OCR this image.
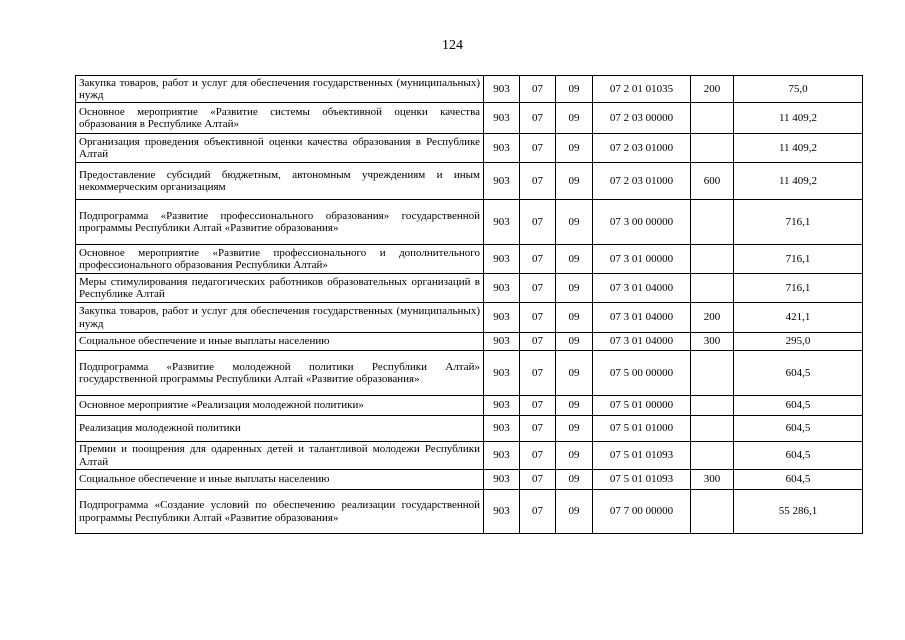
124
Закупка товаров, работ и услуг для обеспечения государственных (муниципальных) нужд	903	07	09	07 2 01 01035	200	75,0
Основное мероприятие «Развитие системы объективной оценки качества образования в Республике Алтай»	903	07	09	07 2 03 00000		11 409,2
Организация проведения объективной оценки качества образования в Республике Алтай	903	07	09	07 2 03 01000		11 409,2
Предоставление субсидий бюджетным, автономным учреждениям и иным некоммерческим организациям	903	07	09	07 2 03 01000	600	11 409,2
Подпрограмма «Развитие профессионального образования» государственной программы Республики Алтай «Развитие образования»	903	07	09	07 3 00 00000		716,1
Основное мероприятие «Развитие профессионального и дополнительного профессионального образования Республики Алтай»	903	07	09	07 3 01 00000		716,1
Меры стимулирования педагогических работников образовательных организаций в Республике Алтай	903	07	09	07 3 01 04000		716,1
Закупка товаров, работ и услуг для обеспечения государственных (муниципальных) нужд	903	07	09	07 3 01 04000	200	421,1
Социальное обеспечение и иные выплаты населению	903	07	09	07 3 01 04000	300	295,0
Подпрограмма «Развитие молодежной политики Республики Алтай» государственной программы Республики Алтай «Развитие образования»	903	07	09	07 5 00 00000		604,5
Основное мероприятие «Реализация молодежной политики»	903	07	09	07 5 01 00000		604,5
Реализация молодежной политики	903	07	09	07 5 01 01000		604,5
Премии и поощрения для одаренных детей и талантливой молодежи Республики Алтай	903	07	09	07 5 01 01093		604,5
Социальное обеспечение и иные выплаты населению	903	07	09	07 5 01 01093	300	604,5
Подпрограмма «Создание условий по обеспечению реализации государственной программы Республики Алтай «Развитие образования»	903	07	09	07 7 00 00000		55 286,1
